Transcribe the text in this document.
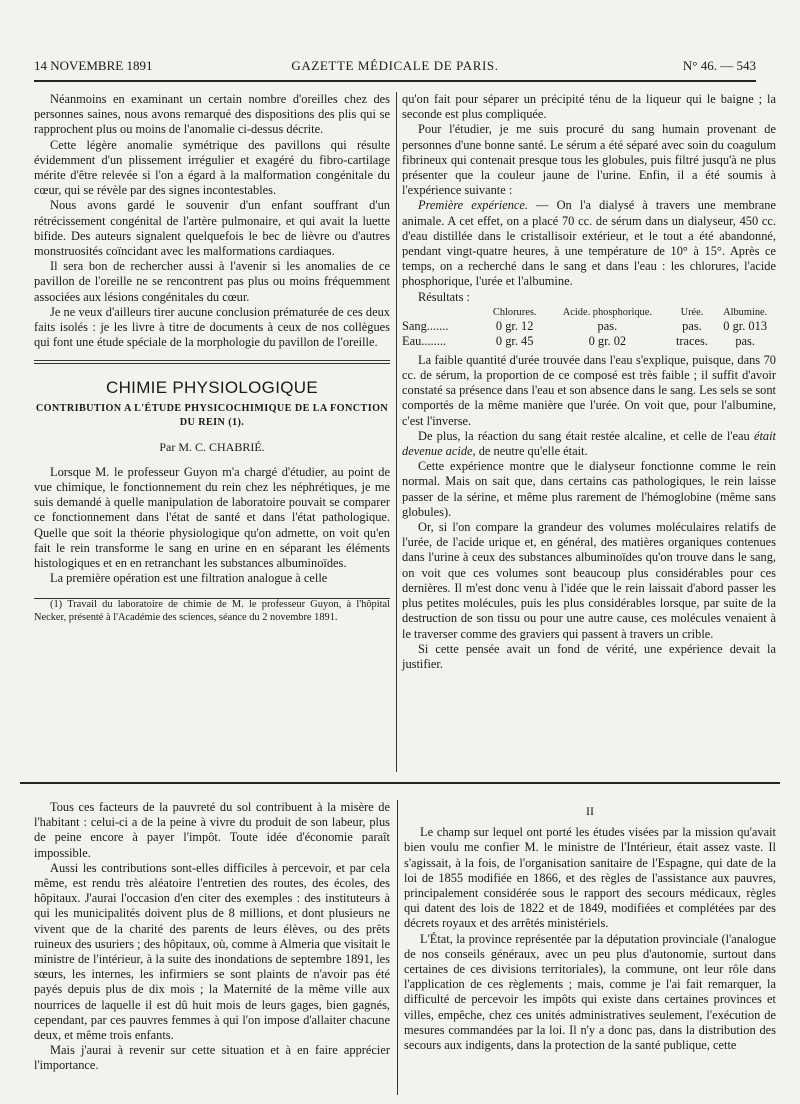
14 NOVEMBRE 1891	GAZETTE MÉDICALE DE PARIS.	N° 46. — 543

Néanmoins en examinant un certain nombre d'oreilles chez des personnes saines, nous avons remarqué des dispositions des plis qui se rapprochent plus ou moins de l'anomalie ci-dessus décrite.

Cette légère anomalie symétrique des pavillons qui résulte évidemment d'un plissement irrégulier et exagéré du fibro-cartilage mérite d'être relevée si l'on a égard à la malformation congénitale du cœur, qui se révèle par des signes incontestables.

Nous avons gardé le souvenir d'un enfant souffrant d'un rétrécissement congénital de l'artère pulmonaire, et qui avait la luette bifide. Des auteurs signalent quelquefois le bec de lièvre ou d'autres monstruosités coïncidant avec les malformations cardiaques.

Il sera bon de rechercher aussi à l'avenir si les anomalies de ce pavillon de l'oreille ne se rencontrent pas plus ou moins fréquemment associées aux lésions congénitales du cœur.

Je ne veux d'ailleurs tirer aucune conclusion prématurée de ces deux faits isolés : je les livre à titre de documents à ceux de nos collègues qui font une étude spéciale de la morphologie du pavillon de l'oreille.

CHIMIE PHYSIOLOGIQUE
CONTRIBUTION A L'ÉTUDE PHYSICOCHIMIQUE DE LA FONCTION DU REIN (1).
Par M. C. CHABRIÉ.

Lorsque M. le professeur Guyon m'a chargé d'étudier, au point de vue chimique, le fonctionnement du rein chez les néphrétiques, je me suis demandé à quelle manipulation de laboratoire pouvait se comparer ce fonctionnement dans l'état de santé et dans l'état pathologique. Quelle que soit la théorie physiologique qu'on admette, on voit qu'en fait le rein transforme le sang en urine en en séparant les éléments histologiques et en en retranchant les substances albuminoïdes.

La première opération est une filtration analogue à celle

(1) Travail du laboratoire de chimie de M. le professeur Guyon, à l'hôpital Necker, présenté à l'Académie des sciences, séance du 2 novembre 1891.

qu'on fait pour séparer un précipité ténu de la liqueur qui le baigne ; la seconde est plus compliquée.

Pour l'étudier, je me suis procuré du sang humain provenant de personnes d'une bonne santé. Le sérum a été séparé avec soin du coagulum fibrineux qui contenait presque tous les globules, puis filtré jusqu'à ne plus présenter que la couleur jaune de l'urine. Enfin, il a été soumis à l'expérience suivante :

Première expérience. — On l'a dialysé à travers une membrane animale. A cet effet, on a placé 70 cc. de sérum dans un dialyseur, 450 cc. d'eau distillée dans le cristallisoir extérieur, et le tout a été abandonné, pendant vingt-quatre heures, à une température de 10° à 15°. Après ce temps, on a recherché dans le sang et dans l'eau : les chlorures, l'acide phosphorique, l'urée et l'albumine.

Résultats :

	Chlorures.	Acide. phosphorique.	Urée.	Albumine.
Sang.......	0 gr. 12	pas.	pas.	0 gr. 013
Eau........	0 gr. 45	0 gr. 02	traces.	pas.

La faible quantité d'urée trouvée dans l'eau s'explique, puisque, dans 70 cc. de sérum, la proportion de ce composé est très faible ; il suffit d'avoir constaté sa présence dans l'eau et son absence dans le sang. Les sels se sont comportés de la même manière que l'urée. On voit que, pour l'albumine, c'est l'inverse.

De plus, la réaction du sang était restée alcaline, et celle de l'eau était devenue acide, de neutre qu'elle était.

Cette expérience montre que le dialyseur fonctionne comme le rein normal. Mais on sait que, dans certains cas pathologiques, le rein laisse passer de la sérine, et même plus rarement de l'hémoglobine (même sans globules).

Or, si l'on compare la grandeur des volumes moléculaires relatifs de l'urée, de l'acide urique et, en général, des matières organiques contenues dans l'urine à ceux des substances albuminoïdes qu'on trouve dans le sang, on voit que ces volumes sont beaucoup plus considérables pour ces dernières. Il m'est donc venu à l'idée que le rein laissait d'abord passer les plus petites molécules, puis les plus considérables lorsque, par suite de la destruction de son tissu ou pour une autre cause, ces molécules venaient à le traverser comme des graviers qui passent à travers un crible.

Si cette pensée avait un fond de vérité, une expérience devait la justifier.

Tous ces facteurs de la pauvreté du sol contribuent à la misère de l'habitant : celui-ci a de la peine à vivre du produit de son labeur, plus de peine encore à payer l'impôt. Toute idée d'économie paraît impossible.

Aussi les contributions sont-elles difficiles à percevoir, et par cela même, est rendu très aléatoire l'entretien des routes, des écoles, des hôpitaux. J'aurai l'occasion d'en citer des exemples : des instituteurs à qui les municipalités doivent plus de 8 millions, et dont plusieurs ne vivent que de la charité des parents de leurs élèves, ou des prêts ruineux des usuriers ; des hôpitaux, où, comme à Almeria que visitait le ministre de l'intérieur, à la suite des inondations de septembre 1891, les sœurs, les internes, les infirmiers se sont plaints de n'avoir pas été payés depuis plus de dix mois ; la Maternité de la même ville aux nourrices de laquelle il est dû huit mois de leurs gages, bien gagnés, cependant, par ces pauvres femmes à qui l'on impose d'allaiter chacune deux, et même trois enfants.

Mais j'aurai à revenir sur cette situation et à en faire apprécier l'importance.

II

Le champ sur lequel ont porté les études visées par la mission qu'avait bien voulu me confier M. le ministre de l'Intérieur, était assez vaste. Il s'agissait, à la fois, de l'organisation sanitaire de l'Espagne, qui date de la loi de 1855 modifiée en 1866, et des règles de l'assistance aux pauvres, principalement considérée sous le rapport des secours médicaux, règles qui datent des lois de 1822 et de 1849, modifiées et complétées par des décrets royaux et des arrêtés ministériels.

L'État, la province représentée par la députation provinciale (l'analogue de nos conseils généraux, avec un peu plus d'autonomie, surtout dans certaines de ces divisions territoriales), la commune, ont leur rôle dans l'application de ces règlements ; mais, comme je l'ai fait remarquer, la difficulté de percevoir les impôts qui existe dans certaines provinces et villes, empêche, chez ces unités administratives seulement, l'exécution de mesures commandées par la loi. Il n'y a donc pas, dans la distribution des secours aux indigents, dans la protection de la santé publique, cette
